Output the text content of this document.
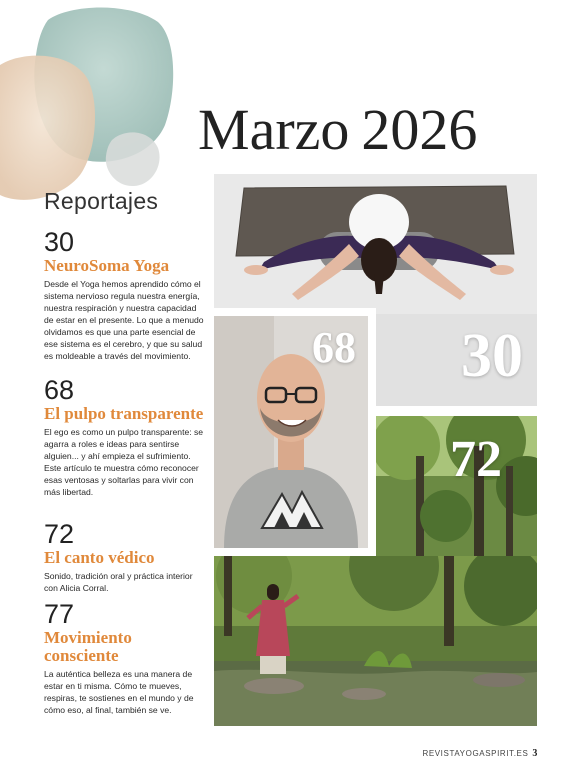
Marzo 2026
Reportajes
30
NeuroSoma Yoga

Desde el Yoga hemos aprendido cómo el sistema nervioso regula nuestra energía, nuestra respiración y nuestra capacidad de estar en el presente. Lo que a menudo olvidamos es que una parte esencial de ese sistema es el cerebro, y que su salud es moldeable a través del movimiento.

68
El pulpo transparente

El ego es como un pulpo transparente: se agarra a roles e ideas para sentirse alguien... y ahí empieza el sufrimiento. Este artículo te muestra cómo reconocer esas ventosas y soltarlas para vivir con más libertad.

72
El canto védico

Sonido, tradición oral y práctica interior con Alicia Corral.

77
Movimiento consciente

La auténtica belleza es una manera de estar en ti misma. Cómo te mueves, respiras, te sostienes en el mundo y de cómo eso, al final, también se ve.

30
68
72
REVISTAYOGASPIRIT.ES 3
